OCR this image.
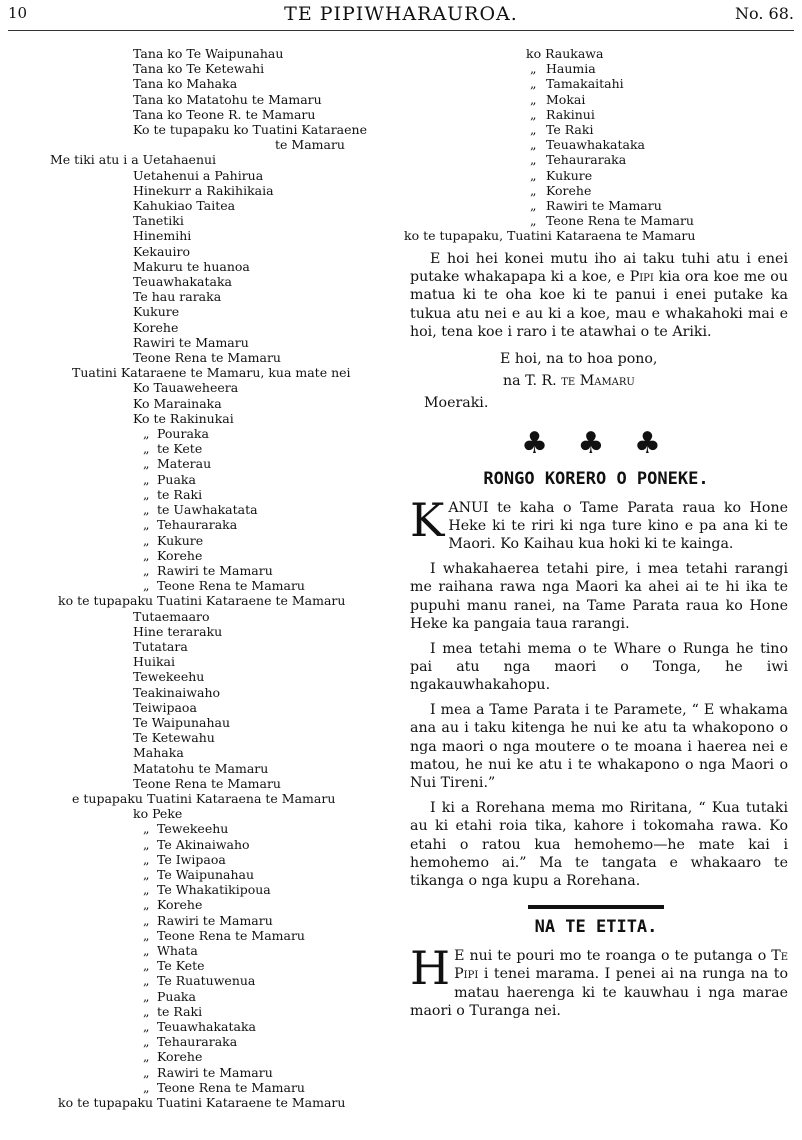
10	TE PIPIWHARAUROA.	No. 68.
Tana ko Te Waipunahau
Tana ko Te Ketewahi
Tana ko Mahaka
Tana ko Matatohu te Mamaru
Tana ko Teone R. te Mamaru
Ko te tupapaku ko Tuatini Kataraene
te Mamaru
Me tiki atu i a Uetahaenui
Uetahenui a Pahirua
Hinekurr a Rakihikaia
Kahukiao Taitea
Tanetiki
Hinemihi
Kekauiro
Makuru te huanoa
Teuawhakataka
Te hau raraka
Kukure
Korehe
Rawiri te Mamaru
Teone Rena te Mamaru
Tuatini Kataraene te Mamaru, kua mate nei
Ko Tauaweheera
Ko Marainaka
Ko te Rakinukai
„ Pouraka
„ te Kete
„ Materau
„ Puaka
„ te Raki
„ te Uawhakatata
„ Tehauraraka
„ Kukure
„ Korehe
„ Rawiri te Mamaru
„ Teone Rena te Mamaru
ko te tupapaku Tuatini Kataraene te Mamaru
Tutaemaaro
Hine teraraku
Tutatara
Huikai
Tewekeehu
Teakinaiwaho
Teiwipaoa
Te Waipunahau
Te Ketewahu
Mahaka
Matatohu te Mamaru
Teone Rena te Mamaru
e tupapaku Tuatini Kataraena te Mamaru
ko Peke
„ Tewekeehu
„ Te Akinaiwaho
„ Te Iwipaoa
„ Te Waipunahau
„ Te Whakatikipoua
„ Korehe
„ Rawiri te Mamaru
„ Teone Rena te Mamaru
„ Whata
„ Te Kete
„ Te Ruatuwenua
„ Puaka
„ te Raki
„ Teuawhakataka
„ Tehauraraka
„ Korehe
„ Rawiri te Mamaru
„ Teone Rena te Mamaru
ko te tupapaku Tuatini Kataraene te Mamaru
ko Raukawa
„ Haumia
„ Tamakaitahi
„ Mokai
„ Rakinui
„ Te Raki
„ Teuawhakataka
„ Tehauraraka
„ Kukure
„ Korehe
„ Rawiri te Mamaru
„ Teone Rena te Mamaru
ko te tupapaku, Tuatini Kataraena te Mamaru

E hoi hei konei mutu iho ai taku tuhi atu i enei putake whakapapa ki a koe, e Pipi kia ora koe me ou matua ki te oha koe ki te panui i enei putake ka tukua atu nei e au ki a koe, mau e whakahoki mai e hoi, tena koe i raro i te atawhai o te Ariki.

E hoi, na to hoa pono,
na T. R. te Mamaru
Moeraki.
♣ ♣ ♣
RONGO KORERO O PONEKE.
K ANUI te kaha o Tame Parata raua ko Hone Heke ki te riri ki nga ture kino e pa ana ki te Maori. Ko Kaihau kua hoki ki te kainga.

I whakahaerea tetahi pire, i mea tetahi rarangi me raihana rawa nga Maori ka ahei ai te hi ika te pupuhi manu ranei, na Tame Parata raua ko Hone Heke ka pangaia taua rarangi.

I mea tetahi mema o te Whare o Runga he tino pai atu nga maori o Tonga, he iwi ngakauwhakahopu.

I mea a Tame Parata i te Paramete, “ E whakama ana au i taku kitenga he nui ke atu ta whakopono o nga maori o nga moutere o te moana i haerea nei e matou, he nui ke atu i te whakapono o nga Maori o Nui Tireni.”

I ki a Rorehana mema mo Riritana, “ Kua tutaki au ki etahi roia tika, kahore i tokomaha rawa. Ko etahi o ratou kua hemohemo—he mate kai i hemohemo ai.” Ma te tangata e whakaaro te tikanga o nga kupu a Rorehana.

NA TE ETITA.
H E nui te pouri mo te roanga o te putanga o Te Pipi i tenei marama. I penei ai na runga na to matau haerenga ki te kauwhau i nga marae maori o Turanga nei.
